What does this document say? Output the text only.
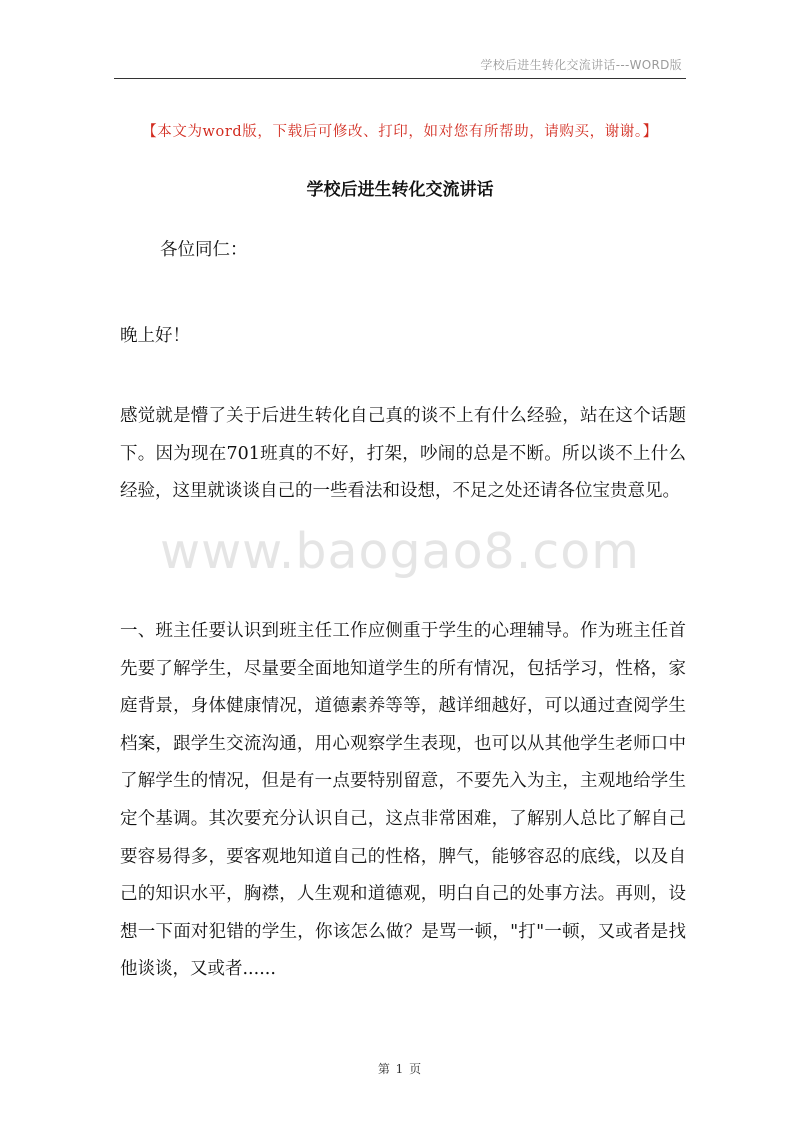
学校后进生转化交流讲话---WORD版
【本文为word版，下载后可修改、打印，如对您有所帮助，请购买，谢谢。】
学校后进生转化交流讲话

各位同仁：

晚上好！

感觉就是懵了关于后进生转化自己真的谈不上有什么经验，站在这个话题下。因为现在701班真的不好，打架，吵闹的总是不断。所以谈不上什么经验，这里就谈谈自己的一些看法和设想，不足之处还请各位宝贵意见。

www.baogao8.com

一、班主任要认识到班主任工作应侧重于学生的心理辅导。作为班主任首先要了解学生，尽量要全面地知道学生的所有情况，包括学习，性格，家庭背景，身体健康情况，道德素养等等，越详细越好，可以通过查阅学生档案，跟学生交流沟通，用心观察学生表现，也可以从其他学生老师口中了解学生的情况，但是有一点要特别留意，不要先入为主，主观地给学生定个基调。其次要充分认识自己，这点非常困难，了解别人总比了解自己要容易得多，要客观地知道自己的性格，脾气，能够容忍的底线，以及自己的知识水平，胸襟，人生观和道德观，明白自己的处事方法。再则，设想一下面对犯错的学生，你该怎么做？是骂一顿，"打"一顿，又或者是找他谈谈，又或者......

第 1 页
